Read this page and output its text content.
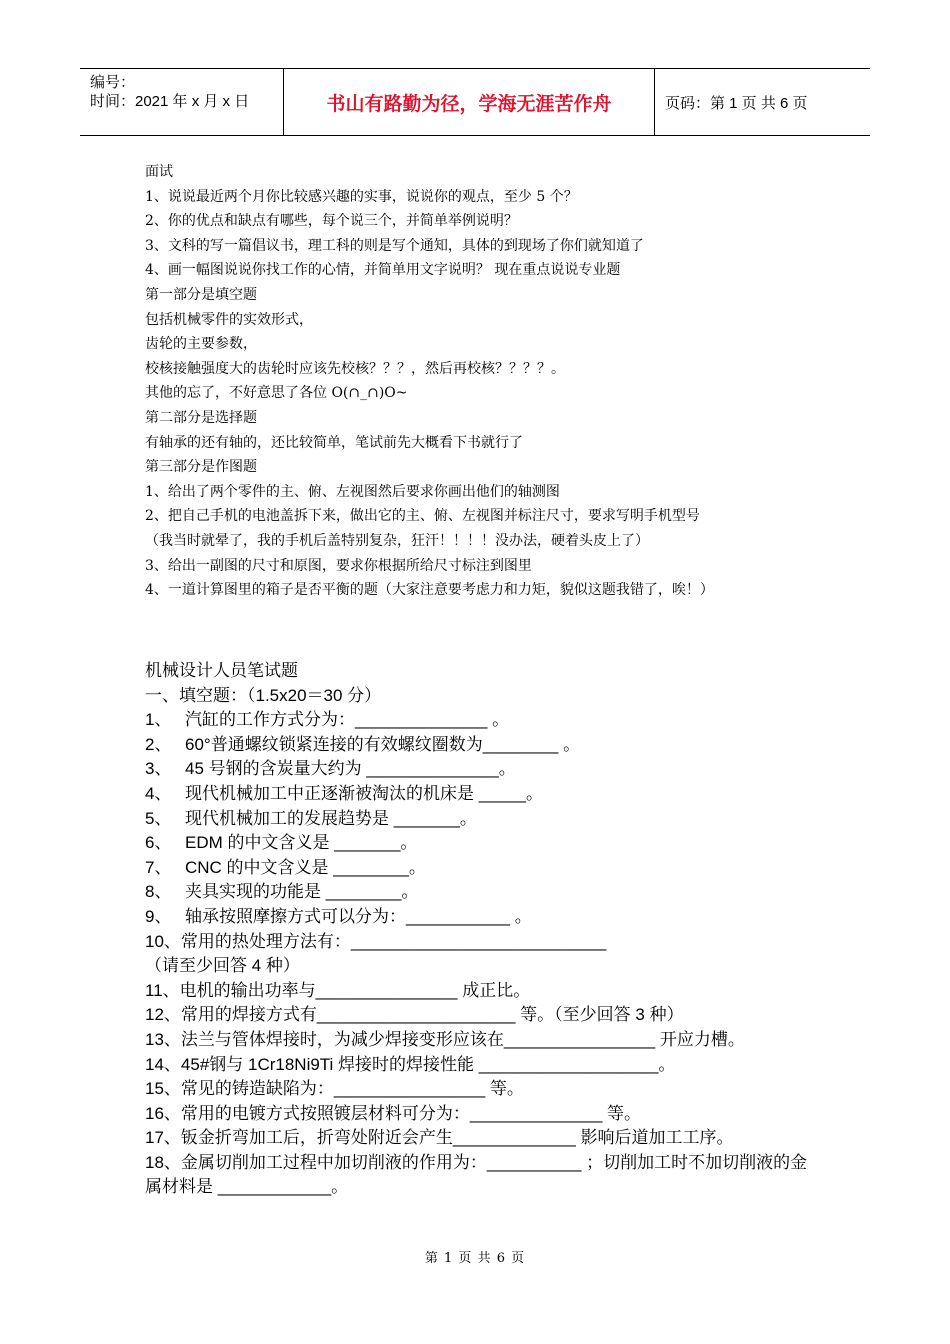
编号：
时间：2021 年 x 月 x 日	书山有路勤为径，学海无涯苦作舟	页码：第 1 页 共 6 页
面试
1、说说最近两个月你比较感兴趣的实事，说说你的观点，至少 5 个？
2、你的优点和缺点有哪些，每个说三个，并简单举例说明？
3、文科的写一篇倡议书，理工科的则是写个通知，具体的到现场了你们就知道了
4、画一幅图说说你找工作的心情，并简单用文字说明？ 现在重点说说专业题
第一部分是填空题
包括机械零件的实效形式，
齿轮的主要参数，
校核接触强度大的齿轮时应该先校核？？？，然后再校核？？？？。
其他的忘了，不好意思了各位 O(∩_∩)O~
第二部分是选择题
有轴承的还有轴的，还比较简单，笔试前先大概看下书就行了
第三部分是作图题
1、给出了两个零件的主、俯、左视图然后要求你画出他们的轴测图
2、把自己手机的电池盖拆下来，做出它的主、俯、左视图并标注尺寸，要求写明手机型号
（我当时就晕了，我的手机后盖特别复杂，狂汗！！！！没办法，硬着头皮上了）
3、给出一副图的尺寸和原图，要求你根据所给尺寸标注到图里
4、一道计算图里的箱子是否平衡的题（大家注意要考虑力和力矩，貌似这题我错了，唉！）
机械设计人员笔试题
一、填空题：（1.5x20＝30 分）
1、 汽缸的工作方式分为：______________ 。
2、 60°普通螺纹锁紧连接的有效螺纹圈数为________ 。
3、 45 号钢的含炭量大约为 ______________。
4、 现代机械加工中正逐渐被淘汰的机床是 _____。
5、 现代机械加工的发展趋势是 _______。
6、 EDM 的中文含义是 _______。
7、 CNC 的中文含义是 ________。
8、 夹具实现的功能是 ________。
9、 轴承按照摩擦方式可以分为：___________ 。
10、常用的热处理方法有：___________________________
（请至少回答 4 种）
11、电机的输出功率与_______________ 成正比。
12、常用的焊接方式有_____________________ 等。（至少回答 3 种）
13、法兰与管体焊接时，为减少焊接变形应该在________________ 开应力槽。
14、45#钢与 1Cr18Ni9Ti 焊接时的焊接性能 ___________________。
15、常见的铸造缺陷为：________________ 等。
16、常用的电镀方式按照镀层材料可分为：______________ 等。
17、钣金折弯加工后，折弯处附近会产生_____________ 影响后道加工工序。
18、金属切削加工过程中加切削液的作用为：__________ ；切削加工时不加切削液的金属材料是 ____________。
第 1 页 共 6 页
